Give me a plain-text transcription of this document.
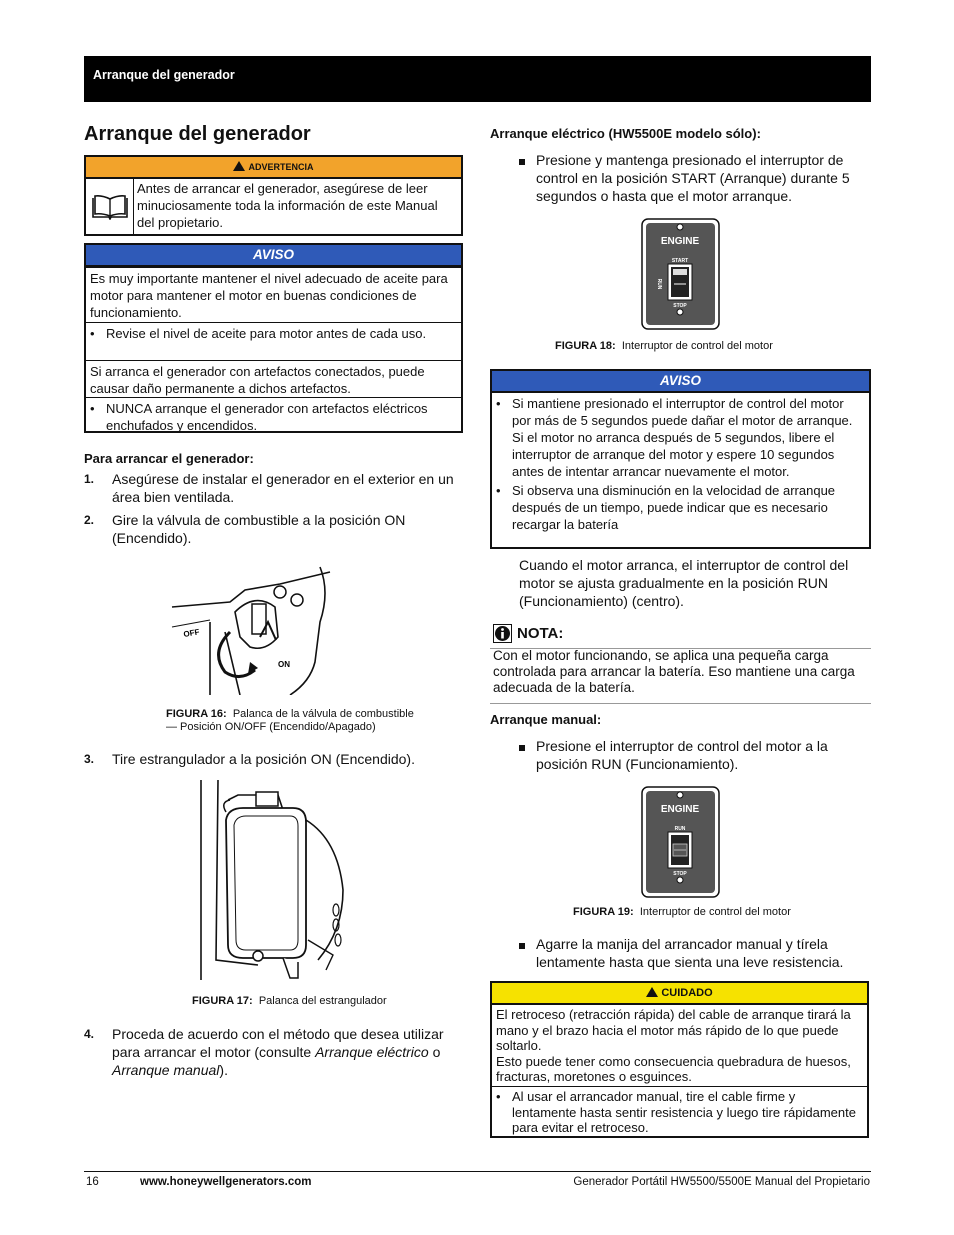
Arranque del generador
Arranque del generador
ADVERTENCIA
Antes de arrancar el generador, asegúrese de leer minuciosamente toda la información de este Manual del propietario.
AVISO
Es muy importante mantener el nivel adecuado de aceite para motor para mantener el motor en buenas condiciones de funcionamiento.
• Revise el nivel de aceite para motor antes de cada uso.
Si arranca el generador con artefactos conectados, puede causar daño permanente a dichos artefactos.
• NUNCA arranque el generador con artefactos eléctricos enchufados y encendidos.
Para arrancar el generador:
1.	Asegúrese de instalar el generador en el exterior en un área bien ventilada.
2.	Gire la válvula de combustible a la posición ON (Encendido).
OFF
ON
FIGURA 16: Palanca de la válvula de combustible
— Posición ON/OFF (Encendido/Apagado)
3.	Tire estrangulador a la posición ON (Encendido).
FIGURA 17: Palanca del estrangulador
4.	Proceda de acuerdo con el método que desea utilizar para arrancar el motor (consulte Arranque eléctrico o Arranque manual).
Arranque eléctrico (HW5500E modelo sólo):
Presione y mantenga presionado el interruptor de control en la posición START (Arranque) durante 5 segundos o hasta que el motor arranque.
ENGINE
START
RUN
STOP
FIGURA 18: Interruptor de control del motor
AVISO
• Si mantiene presionado el interruptor de control del motor por más de 5 segundos puede dañar el motor de arranque. Si el motor no arranca después de 5 segundos, libere el interruptor de arranque del motor y espere 10 segundos antes de intentar arrancar nuevamente el motor.
• Si observa una disminución en la velocidad de arranque después de un tiempo, puede indicar que es necesario recargar la batería
Cuando el motor arranca, el interruptor de control del motor se ajusta gradualmente en la posición RUN (Funcionamiento) (centro).
NOTA:
Con el motor funcionando, se aplica una pequeña carga controlada para arrancar la batería. Eso mantiene una carga adecuada de la batería.
Arranque manual:
Presione el interruptor de control del motor a la posición RUN (Funcionamiento).
ENGINE
RUN
STOP
FIGURA 19: Interruptor de control del motor
Agarre la manija del arrancador manual y tírela lentamente hasta que sienta una leve resistencia.
CUIDADO
El retroceso (retracción rápida) del cable de arranque tirará la mano y el brazo hacia el motor más rápido de lo que puede soltarlo.
Esto puede tener como consecuencia quebradura de huesos, fracturas, moretones o esguinces.
• Al usar el arrancador manual, tire el cable firme y lentamente hasta sentir resistencia y luego tire rápidamente para evitar el retroceso.
16	www.honeywellgenerators.com	Generador Portátil HW5500/5500E Manual del Propietario
